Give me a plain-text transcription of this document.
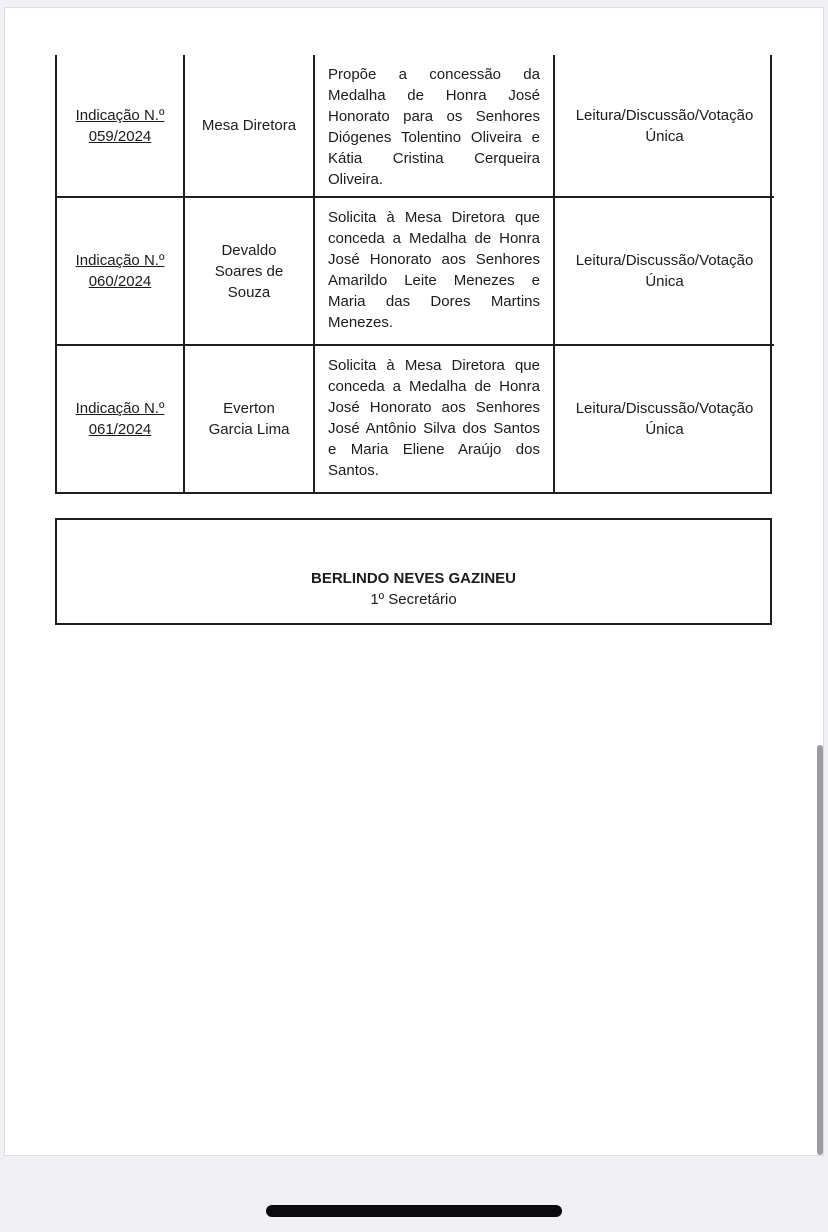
Indicação N.º 059/2024
Mesa Diretora
Propõe a concessão da Medalha de Honra José Honorato para os Senhores Diógenes Tolentino Oliveira e Kátia Cristina Cerqueira Oliveira.
Leitura/Discussão/Votação Única
Indicação N.º 060/2024
Devaldo Soares de Souza
Solicita à Mesa Diretora que conceda a Medalha de Honra José Honorato aos Senhores Amarildo Leite Menezes e Maria das Dores Martins Menezes.
Leitura/Discussão/Votação Única
Indicação N.º 061/2024
Everton Garcia Lima
Solicita à Mesa Diretora que conceda a Medalha de Honra José Honorato aos Senhores José Antônio Silva dos Santos e Maria Eliene Araújo dos Santos.
Leitura/Discussão/Votação Única
BERLINDO NEVES GAZINEU
1º Secretário
